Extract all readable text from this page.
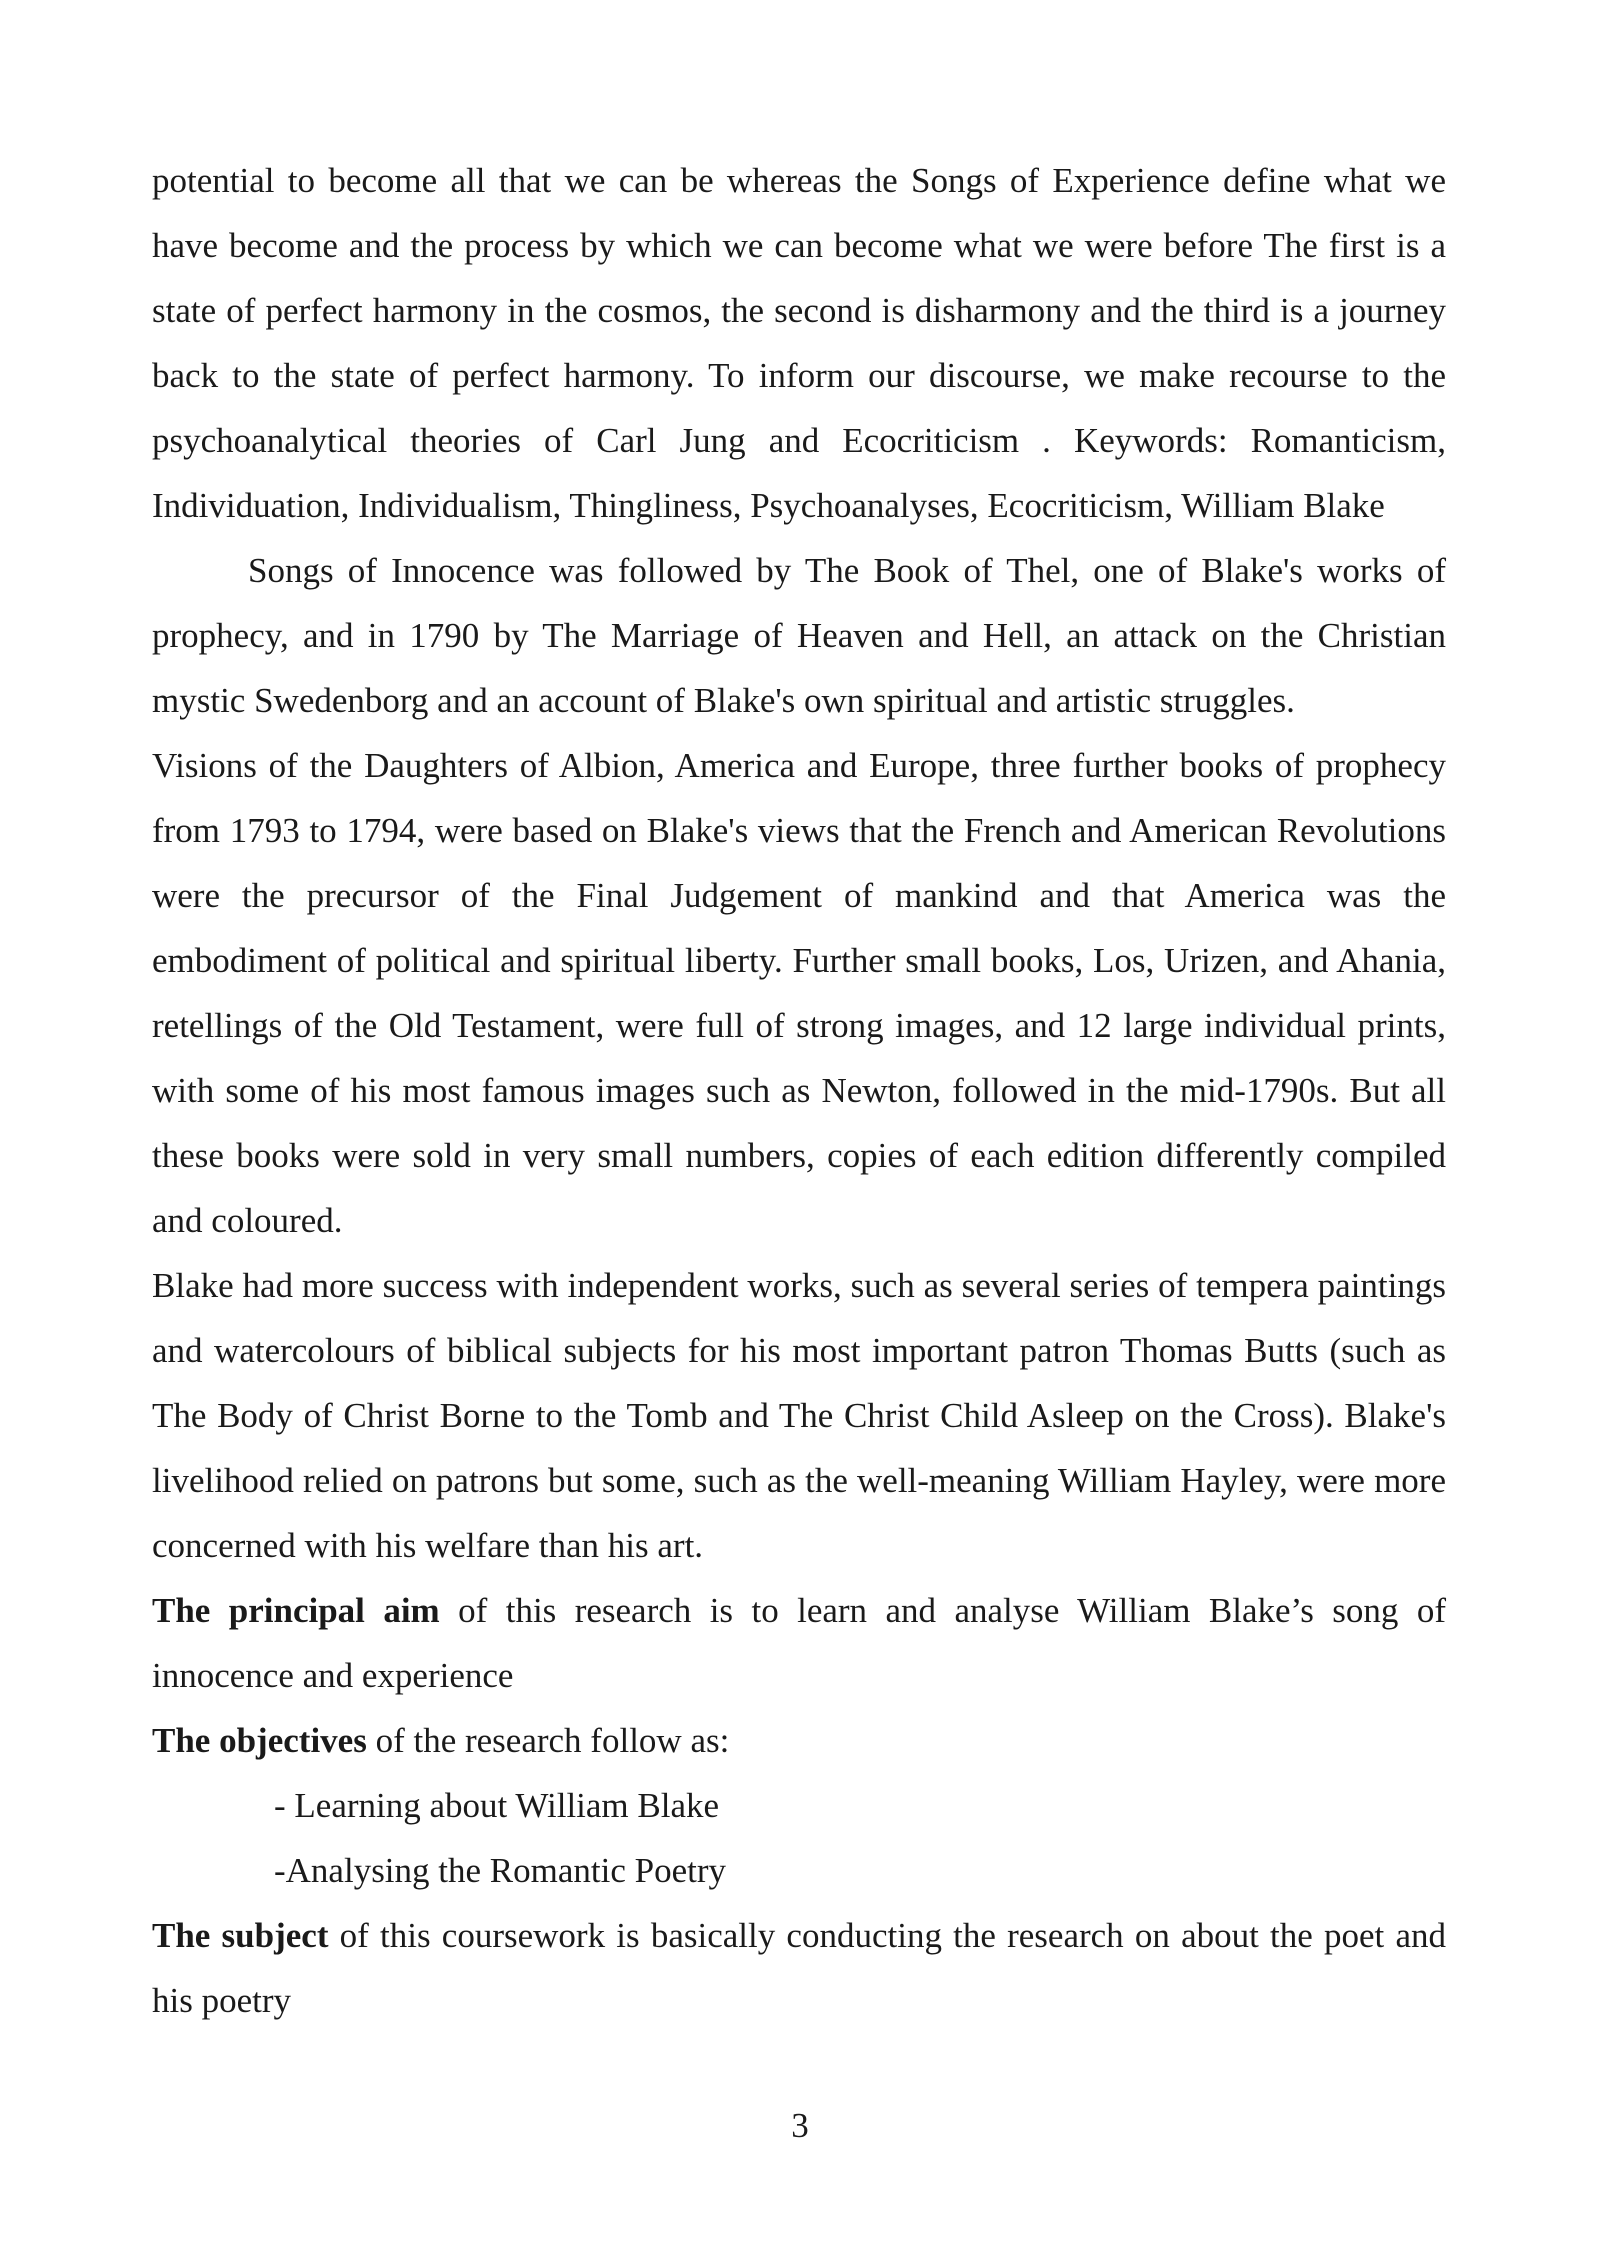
potential to become all that we can be whereas the Songs of Experience define what we have become and the process by which we can become what we were before The first is a state of perfect harmony in the cosmos, the second is disharmony and the third is a journey back to the state of perfect harmony. To inform our discourse, we make recourse to the psychoanalytical theories of Carl Jung and Ecocriticism . Keywords: Romanticism, Individuation, Individualism, Thingliness, Psychoanalyses, Ecocriticism, William Blake

Songs of Innocence was followed by The Book of Thel, one of Blake's works of prophecy, and in 1790 by The Marriage of Heaven and Hell, an attack on the Christian mystic Swedenborg and an account of Blake's own spiritual and artistic struggles.

Visions of the Daughters of Albion, America and Europe, three further books of prophecy from 1793 to 1794, were based on Blake's views that the French and American Revolutions were the precursor of the Final Judgement of mankind and that America was the embodiment of political and spiritual liberty. Further small books, Los, Urizen, and Ahania, retellings of the Old Testament, were full of strong images, and 12 large individual prints, with some of his most famous images such as Newton, followed in the mid-1790s. But all these books were sold in very small numbers, copies of each edition differently compiled and coloured.

Blake had more success with independent works, such as several series of tempera paintings and watercolours of biblical subjects for his most important patron Thomas Butts (such as The Body of Christ Borne to the Tomb and The Christ Child Asleep on the Cross). Blake's livelihood relied on patrons but some, such as the well-meaning William Hayley, were more concerned with his welfare than his art.

The principal aim of this research is to learn and analyse William Blake’s song of innocence and experience

The objectives of the research follow as:

- Learning about William Blake

-Analysing the Romantic Poetry

The subject of this coursework is basically conducting the research on about the poet and his poetry

3
